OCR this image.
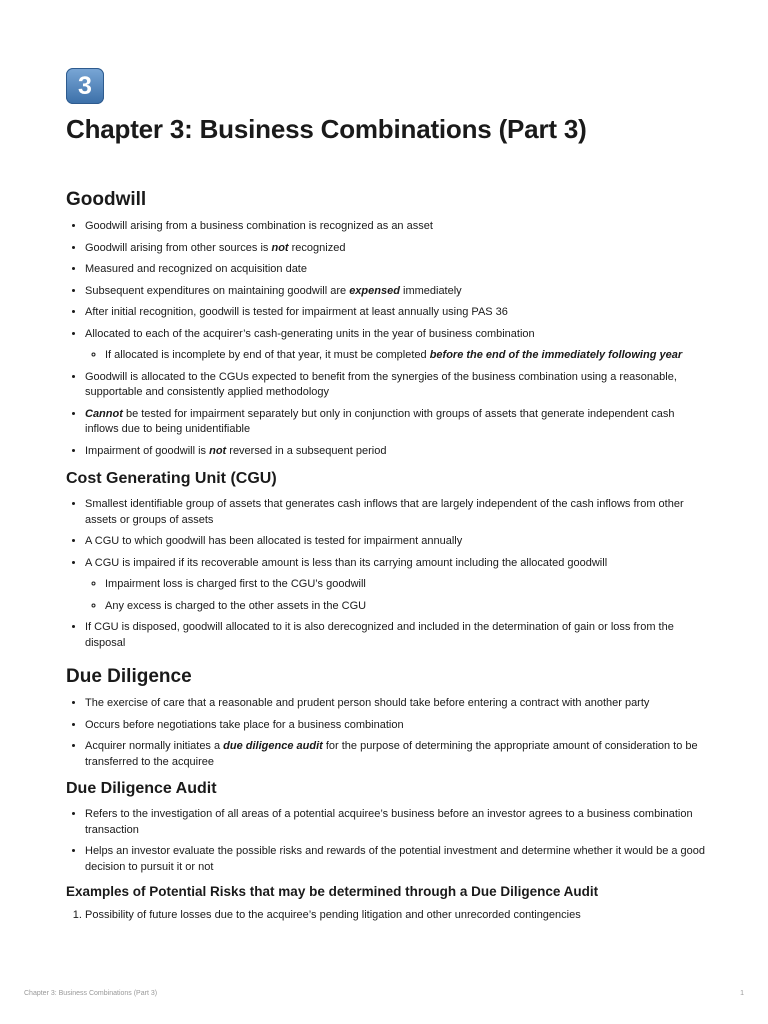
3
Chapter 3: Business Combinations (Part 3)
Goodwill
• Goodwill arising from a business combination is recognized as an asset
• Goodwill arising from other sources is not recognized
• Measured and recognized on acquisition date
• Subsequent expenditures on maintaining goodwill are expensed immediately
• After initial recognition, goodwill is tested for impairment at least annually using PAS 36
• Allocated to each of the acquirer’s cash-generating units in the year of business combination
◦ If allocated is incomplete by end of that year, it must be completed before the end of the immediately following year
• Goodwill is allocated to the CGUs expected to benefit from the synergies of the business combination using a reasonable, supportable and consistently applied methodology
• Cannot be tested for impairment separately but only in conjunction with groups of assets that generate independent cash inflows due to being unidentifiable
• Impairment of goodwill is not reversed in a subsequent period
Cost Generating Unit (CGU)
• Smallest identifiable group of assets that generates cash inflows that are largely independent of the cash inflows from other assets or groups of assets
• A CGU to which goodwill has been allocated is tested for impairment annually
• A CGU is impaired if its recoverable amount is less than its carrying amount including the allocated goodwill
◦ Impairment loss is charged first to the CGU’s goodwill
◦ Any excess is charged to the other assets in the CGU
• If CGU is disposed, goodwill allocated to it is also derecognized and included in the determination of gain or loss from the disposal
Due Diligence
• The exercise of care that a reasonable and prudent person should take before entering a contract with another party
• Occurs before negotiations take place for a business combination
• Acquirer normally initiates a due diligence audit for the purpose of determining the appropriate amount of consideration to be transferred to the acquiree
Due Diligence Audit
• Refers to the investigation of all areas of a potential acquiree’s business before an investor agrees to a business combination transaction
• Helps an investor evaluate the possible risks and rewards of the potential investment and determine whether it would be a good decision to pursuit it or not
Examples of Potential Risks that may be determined through a Due Diligence Audit
1. Possibility of future losses due to the acquiree’s pending litigation and other unrecorded contingencies
Chapter 3: Business Combinations (Part 3)	1
